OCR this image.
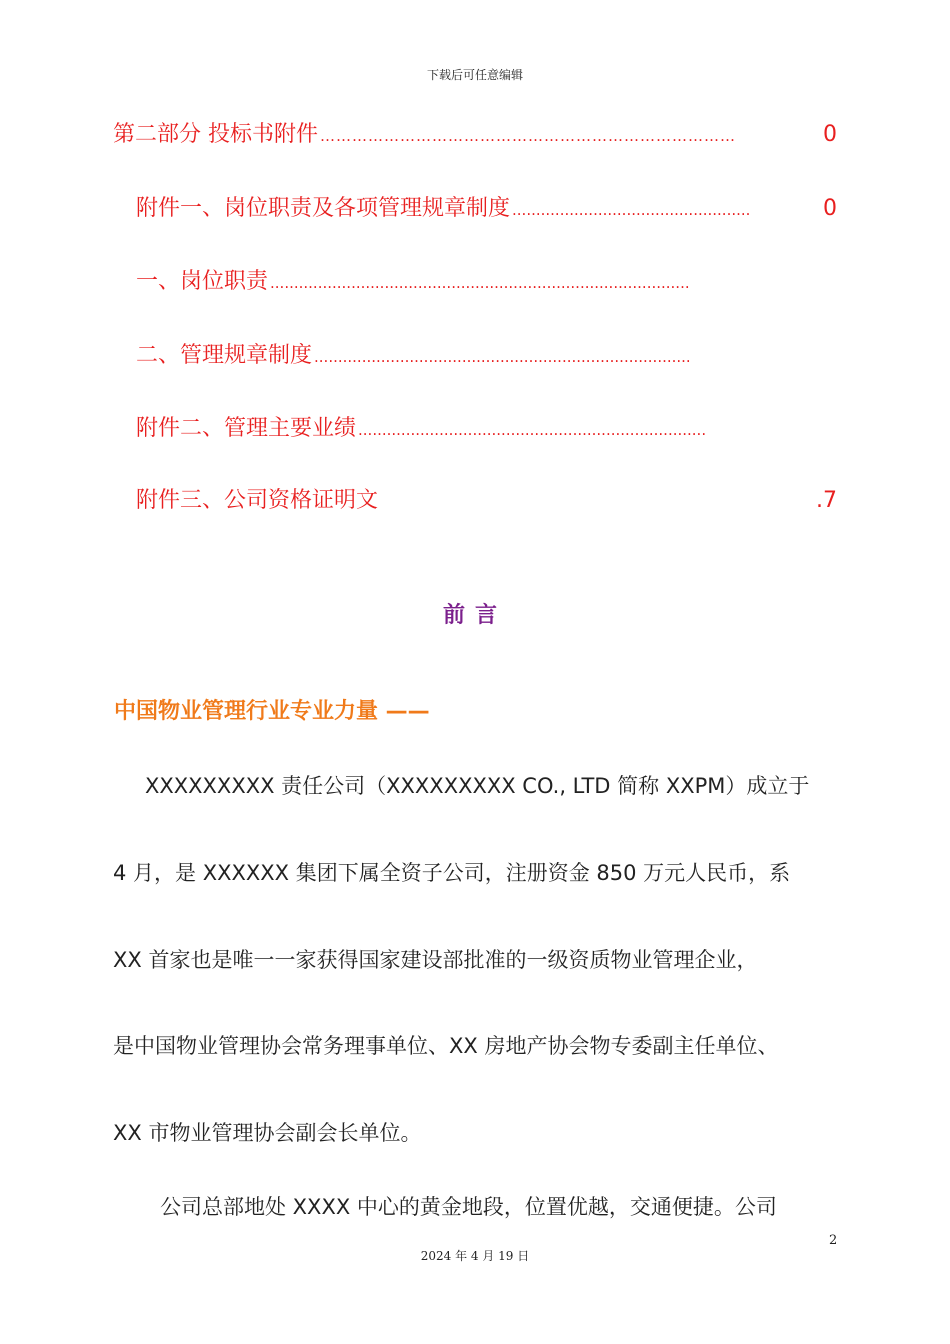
下载后可任意编辑
第二部分 投标书附件 ……………………………………………………………………	0
附件一、岗位职责及各项管理规章制度 ..................................................	0
一、岗位职责 ........................................................................................
二、管理规章制度 ...............................................................................
附件二、管理主要业绩 .........................................................................
附件三、公司资格证明文	.7
前言
中国物业管理行业专业力量 ——
XXXXXXXXX 责任公司（XXXXXXXXX CO., LTD 简称 XXPM）成立于
4 月，是 XXXXXX 集团下属全资子公司，注册资金 850 万元人民币，系
XX 首家也是唯一一家获得国家建设部批准的一级资质物业管理企业，
是中国物业管理协会常务理事单位、XX 房地产协会物专委副主任单位、
XX 市物业管理协会副会长单位。
公司总部地处 XXXX 中心的黄金地段，位置优越，交通便捷。公司
2
2024 年 4 月 19 日
